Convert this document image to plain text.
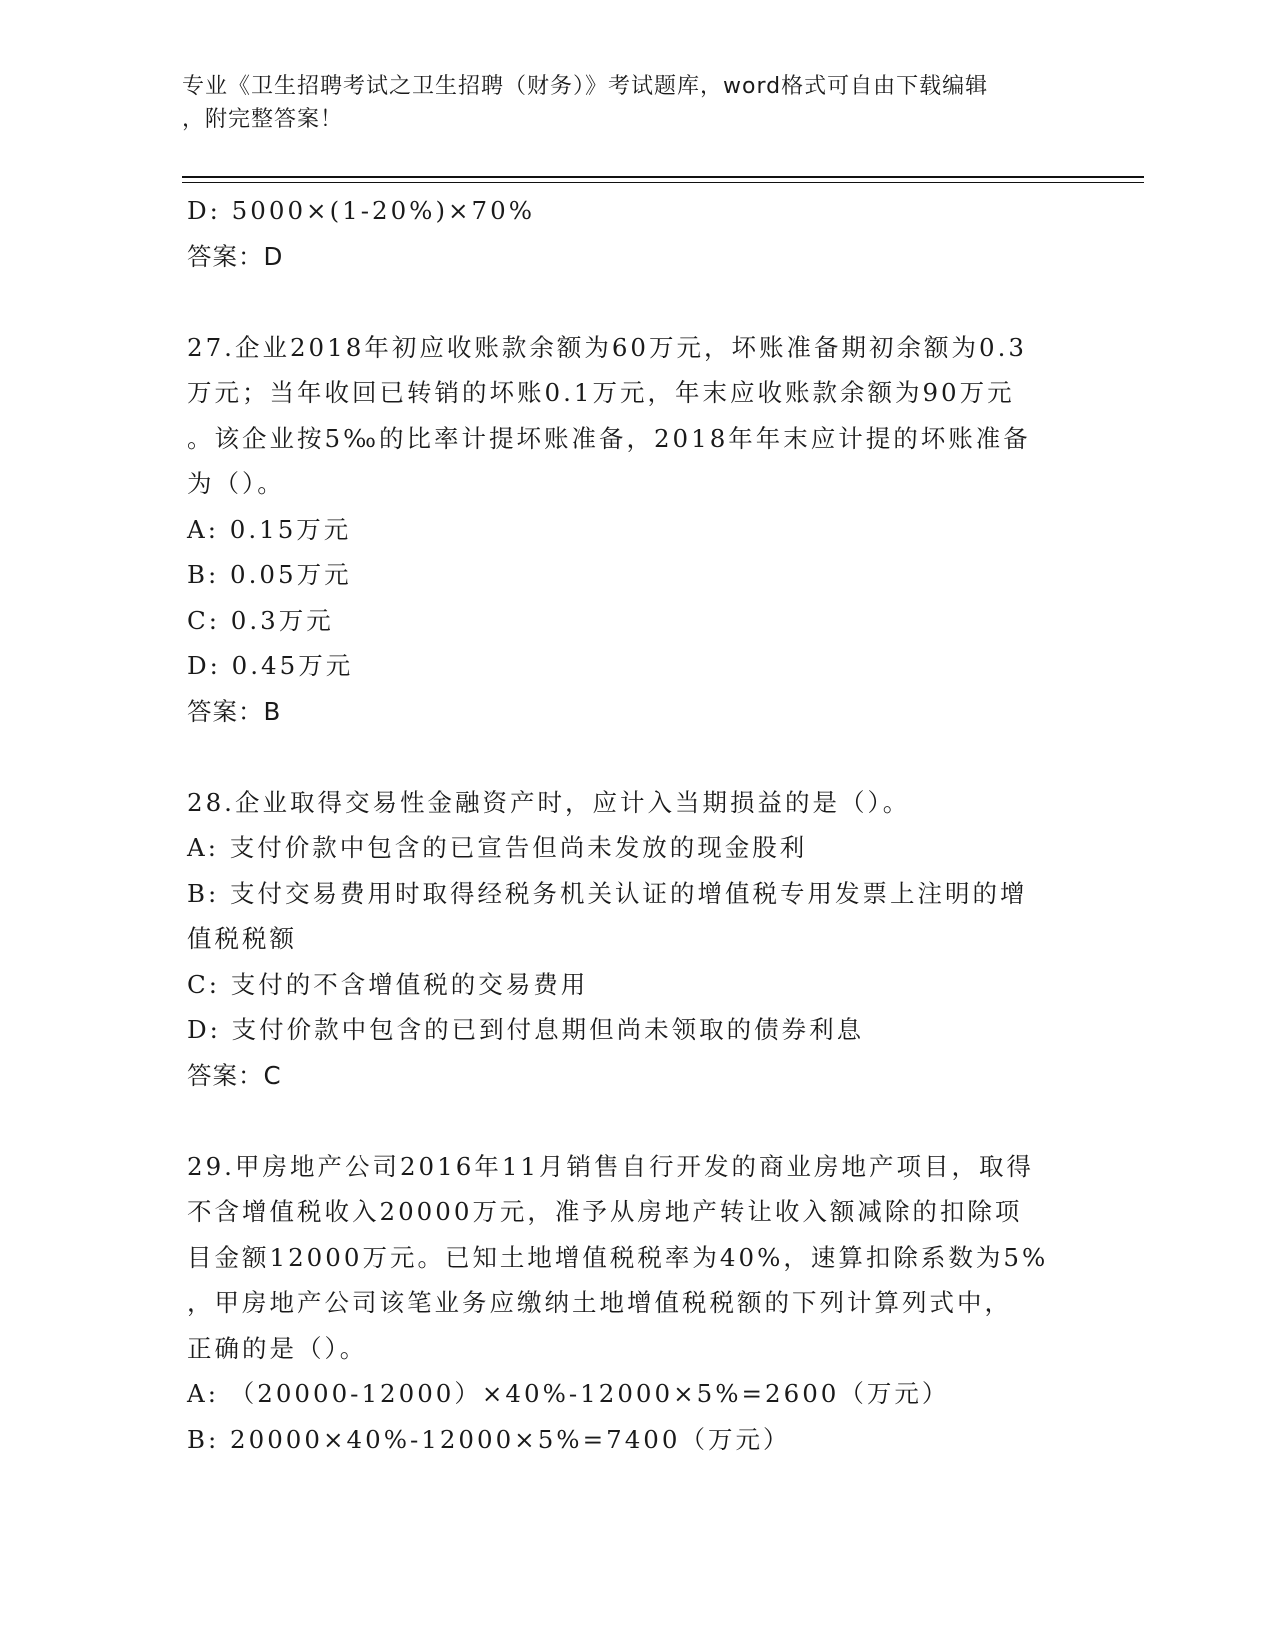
专业《卫生招聘考试之卫生招聘（财务）》考试题库，word格式可自由下载编辑
，附完整答案！
D: 5000×(1-20%)×70%
答案：D
27.企业2018年初应收账款余额为60万元，坏账准备期初余额为0.3
万元；当年收回已转销的坏账0.1万元，年末应收账款余额为90万元
。该企业按5‰的比率计提坏账准备，2018年年末应计提的坏账准备
为（）。
A: 0.15万元
B: 0.05万元
C: 0.3万元
D: 0.45万元
答案：B
28.企业取得交易性金融资产时，应计入当期损益的是（）。
A: 支付价款中包含的已宣告但尚未发放的现金股利
B: 支付交易费用时取得经税务机关认证的增值税专用发票上注明的增
值税税额
C: 支付的不含增值税的交易费用
D: 支付价款中包含的已到付息期但尚未领取的债券利息
答案：C
29.甲房地产公司2016年11月销售自行开发的商业房地产项目，取得
不含增值税收入20000万元，准予从房地产转让收入额减除的扣除项
目金额12000万元。已知土地增值税税率为40%，速算扣除系数为5%
，甲房地产公司该笔业务应缴纳土地增值税税额的下列计算列式中，
正确的是（）。
A: （20000-12000）×40%-12000×5%=2600（万元）
B: 20000×40%-12000×5%=7400（万元）
